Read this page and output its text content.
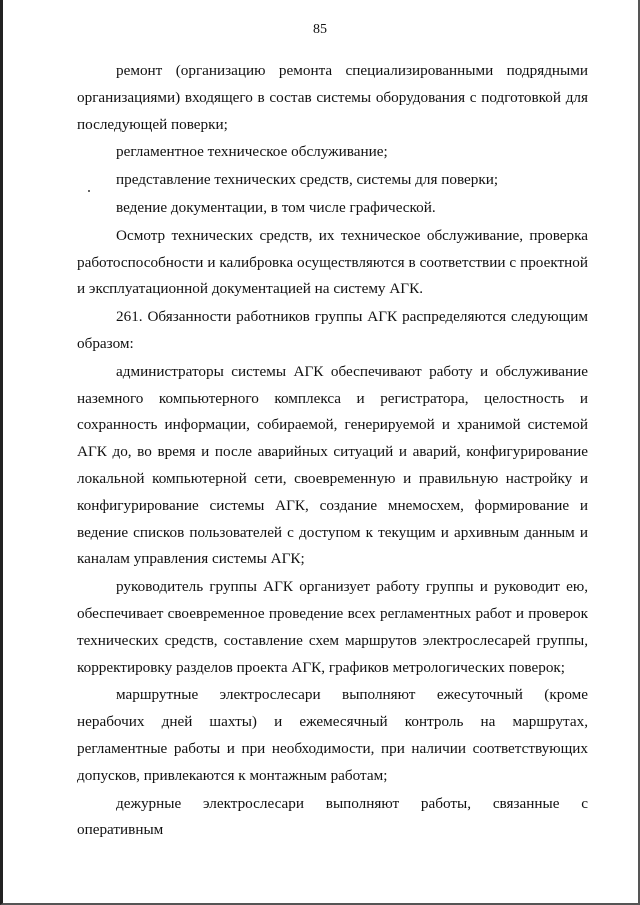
85

ремонт (организацию ремонта специализированными подрядными организациями) входящего в состав системы оборудования с подготовкой для последующей поверки;

регламентное техническое обслуживание;

представление технических средств, системы для поверки;

ведение документации, в том числе графической.

Осмотр технических средств, их техническое обслуживание, проверка работоспособности и калибровка осуществляются в соответствии с проектной и эксплуатационной документацией на систему АГК.

261. Обязанности работников группы АГК распределяются следующим образом:

администраторы системы АГК обеспечивают работу и обслуживание наземного компьютерного комплекса и регистратора, целостность и сохранность информации, собираемой, генерируемой и хранимой системой АГК до, во время и после аварийных ситуаций и аварий, конфигурирование локальной компьютерной сети, своевременную и правильную настройку и конфигурирование системы АГК, создание мнемосхем, формирование и ведение списков пользователей с доступом к текущим и архивным данным и каналам управления системы АГК;

руководитель группы АГК организует работу группы и руководит ею, обеспечивает своевременное проведение всех регламентных работ и проверок технических средств, составление схем маршрутов электрослесарей группы, корректировку разделов проекта АГК, графиков метрологических поверок;

маршрутные электрослесари выполняют ежесуточный (кроме нерабочих дней шахты) и ежемесячный контроль на маршрутах, регламентные работы и при необходимости, при наличии соответствующих допусков, привлекаются к монтажным работам;

дежурные электрослесари выполняют работы, связанные с оперативным
